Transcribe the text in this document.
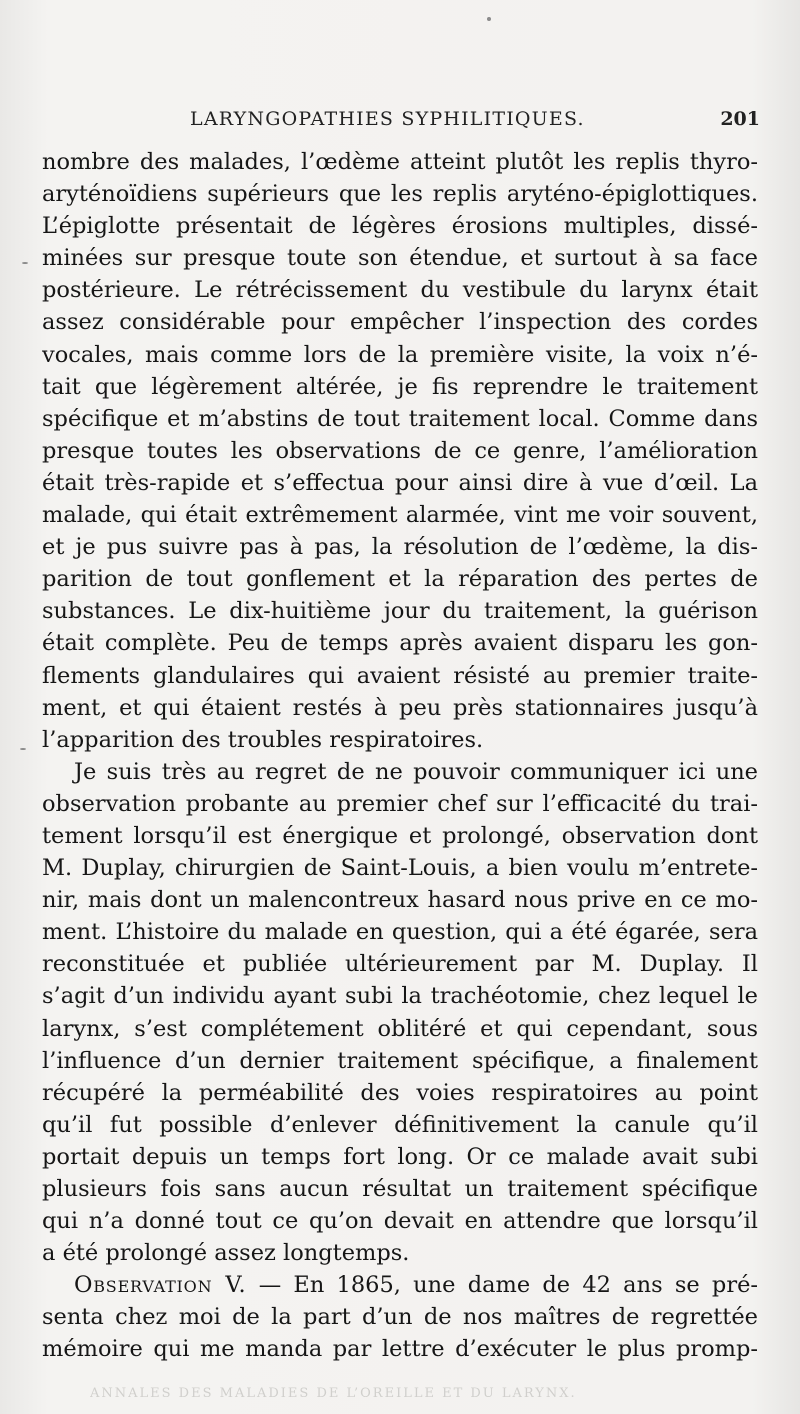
LARYNGOPATHIES SYPHILITIQUES.	201
nombre des malades, l’œdème atteint plutôt les replis thyro-
aryténoïdiens supérieurs que les replis aryténo-épiglottiques.
L’épiglotte présentait de légères érosions multiples, dissé-
minées sur presque toute son étendue, et surtout à sa face
postérieure. Le rétrécissement du vestibule du larynx était
assez considérable pour empêcher l’inspection des cordes
vocales, mais comme lors de la première visite, la voix n’é-
tait que légèrement altérée, je fis reprendre le traitement
spécifique et m’abstins de tout traitement local. Comme dans
presque toutes les observations de ce genre, l’amélioration
était très-rapide et s’effectua pour ainsi dire à vue d’œil. La
malade, qui était extrêmement alarmée, vint me voir souvent,
et je pus suivre pas à pas, la résolution de l’œdème, la dis-
parition de tout gonflement et la réparation des pertes de
substances. Le dix-huitième jour du traitement, la guérison
était complète. Peu de temps après avaient disparu les gon-
flements glandulaires qui avaient résisté au premier traite-
ment, et qui étaient restés à peu près stationnaires jusqu’à
l’apparition des troubles respiratoires.
Je suis très au regret de ne pouvoir communiquer ici une
observation probante au premier chef sur l’efficacité du trai-
tement lorsqu’il est énergique et prolongé, observation dont
M. Duplay, chirurgien de Saint-Louis, a bien voulu m’entrete-
nir, mais dont un malencontreux hasard nous prive en ce mo-
ment. L’histoire du malade en question, qui a été égarée, sera
reconstituée et publiée ultérieurement par M. Duplay. Il
s’agit d’un individu ayant subi la trachéotomie, chez lequel le
larynx, s’est complétement oblitéré et qui cependant, sous
l’influence d’un dernier traitement spécifique, a finalement
récupéré la perméabilité des voies respiratoires au point
qu’il fut possible d’enlever définitivement la canule qu’il
portait depuis un temps fort long. Or ce malade avait subi
plusieurs fois sans aucun résultat un traitement spécifique
qui n’a donné tout ce qu’on devait en attendre que lorsqu’il
a été prolongé assez longtemps.
Observation V. — En 1865, une dame de 42 ans se pré-
senta chez moi de la part d’un de nos maîtres de regrettée
mémoire qui me manda par lettre d’exécuter le plus promp-
ANNALES DES MALADIES DE L’OREILLE ET DU LARYNX.
